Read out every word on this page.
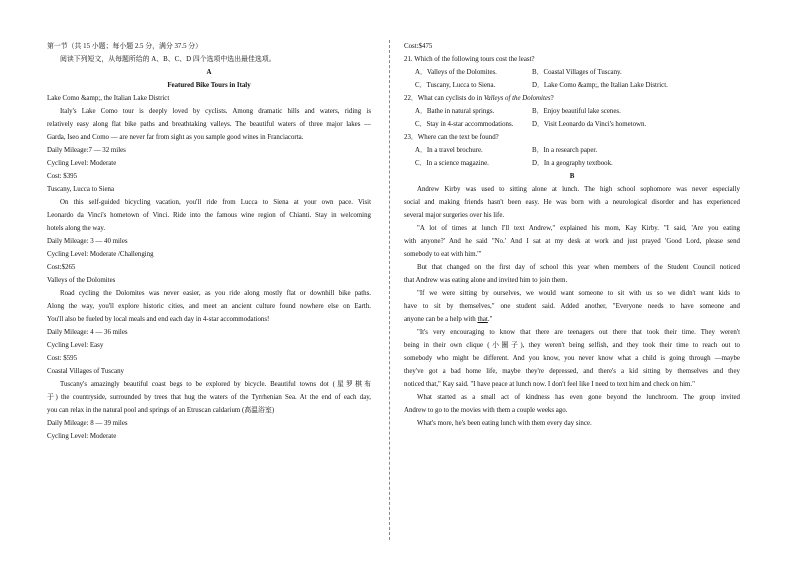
第一节（共 15 小题；每小题 2.5 分，满分 37.5 分）
阅读下列短文，从每题所给的 A、B、C、D 四个选项中选出最佳选项。
A
Featured Bike Tours in Italy
Lake Como &amp;, the Italian Lake District
Italy's Lake Como tour is deeply loved by cyclists. Among dramatic hills and waters, riding is
relatively easy along flat bike paths and breathtaking valleys. The beautiful waters of three major lakes —
Garda, Iseo and Como — are never far from sight as you sample good wines in Franciacorta.
Daily Mileage:7 — 32 miles
Cycling Level: Moderate
Cost: $395
Tuscany, Lucca to Siena
On this self-guided bicycling vacation, you'll ride from Lucca to Siena at your own pace. Visit
Leonardo da Vinci's hometown of Vinci. Ride into the famous wine region of Chianti. Stay in welcoming
hotels along the way.
Daily Mileage: 3 — 40 miles
Cycling Level: Moderate /Challenging
Cost:$265
Valleys of the Dolomites
Road cycling the Dolomites was never easier, as you ride along mostly flat or downhill bike paths.
Along the way, you'll explore historic cities, and meet an ancient culture found nowhere else on Earth.
You'll also be fueled by local meals and end each day in 4-star accommodations!
Daily Mileage: 4 — 36 miles
Cycling Level: Easy
Cost: $595
Coastal Villages of Tuscany
Tuscany's amazingly beautiful coast begs to be explored by bicycle. Beautiful towns dot (星罗棋布
于) the countryside, surrounded by trees that hug the waters of the Tyrrhenian Sea. At the end of each day,
you can relax in the natural pool and springs of an Etruscan caldarium (高温浴室)
Daily Mileage: 8 — 39 miles
Cycling Level: Moderate
Cost:$475
21. Which of the following tours cost the least?
A．Valleys of the Dolomites.	B．Coastal Villages of Tuscany.
C．Tuscany, Lucca to Siena.	D．Lake Como &amp;, the Italian Lake District.
22．What can cyclists do in Valleys of the Dolomites?
A．Bathe in natural springs.	B．Enjoy beautiful lake scenes.
C．Stay in 4-star accommodations.	D．Visit Leonardo da Vinci's hometown.
23．Where can the text be found?
A．In a travel brochure.	B．In a research paper.
C．In a science magazine.	D．In a geography textbook.
B
Andrew Kirby was used to sitting alone at lunch. The high school sophomore was never especially
social and making friends hasn't been easy. He was born with a neurological disorder and has experienced
several major surgeries over his life.
"A lot of times at lunch I'll text Andrew," explained his mom, Kay Kirby. "I said, 'Are you eating
with anyone?' And he said "No.' And I sat at my desk at work and just prayed 'Good Lord, please send
somebody to eat with him.'"
But that changed on the first day of school this year when members of the Student Council noticed
that Andrew was eating alone and invited him to join them.
"If we were sitting by ourselves, we would want someone to sit with us so we didn't want kids to
have to sit by themselves," one student said. Added another, "Everyone needs to have someone and
anyone can be a help with that."
"It's very encouraging to know that there are teenagers out there that took their time. They weren't
being in their own clique (小圈子), they weren't being selfish, and they took their time to reach out to
somebody who might be different. And you know, you never know what a child is going through —maybe
they've got a bad home life, maybe they're depressed, and there's a kid sitting by themselves and they
noticed that," Kay said. "I have peace at lunch now. I don't feel like I need to text him and check on him."
What started as a small act of kindness has even gone beyond the lunchroom. The group invited
Andrew to go to the movies with them a couple weeks ago.
What's more, he's been eating lunch with them every day since.
